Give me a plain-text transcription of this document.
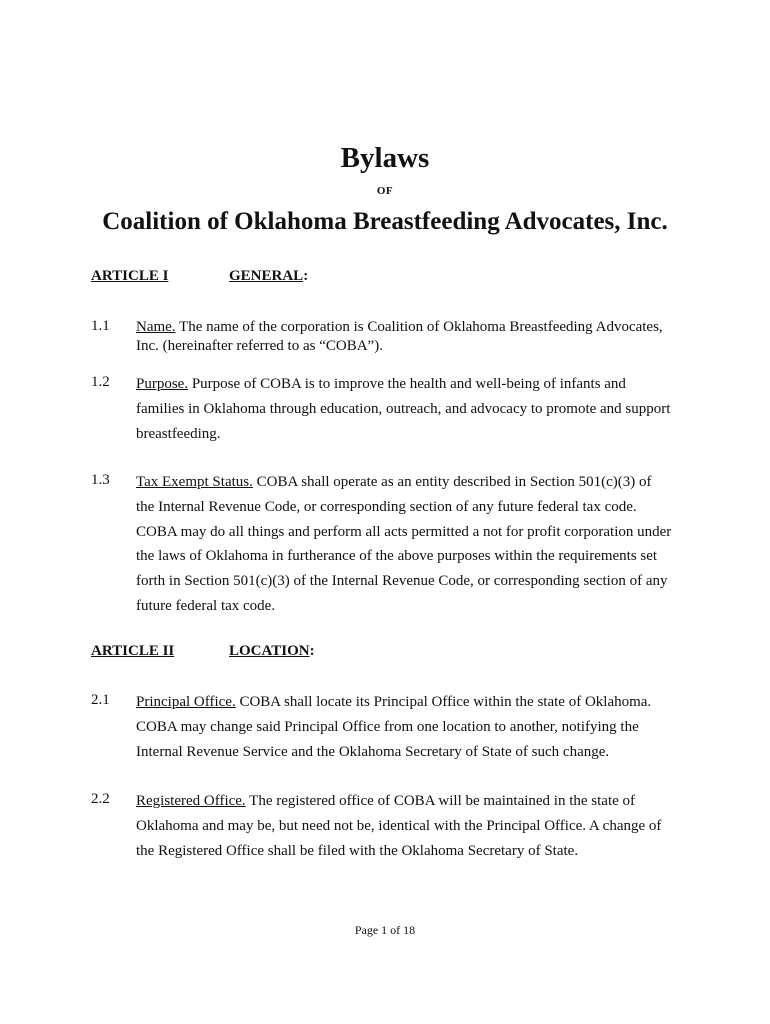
Bylaws
OF
Coalition of Oklahoma Breastfeeding Advocates, Inc.
ARTICLE I	GENERAL:
1.1 Name. The name of the corporation is Coalition of Oklahoma Breastfeeding Advocates,
Inc. (hereinafter referred to as “COBA”).
1.2 Purpose. Purpose of COBA is to improve the health and well-being of infants and
families in Oklahoma through education, outreach, and advocacy to promote and support
breastfeeding.
1.3 Tax Exempt Status. COBA shall operate as an entity described in Section 501(c)(3) of
the Internal Revenue Code, or corresponding section of any future federal tax code.
COBA may do all things and perform all acts permitted a not for profit corporation under
the laws of Oklahoma in furtherance of the above purposes within the requirements set
forth in Section 501(c)(3) of the Internal Revenue Code, or corresponding section of any
future federal tax code.
ARTICLE II	LOCATION:
2.1 Principal Office. COBA shall locate its Principal Office within the state of Oklahoma.
COBA may change said Principal Office from one location to another, notifying the
Internal Revenue Service and the Oklahoma Secretary of State of such change.
2.2 Registered Office. The registered office of COBA will be maintained in the state of
Oklahoma and may be, but need not be, identical with the Principal Office. A change of
the Registered Office shall be filed with the Oklahoma Secretary of State.
Page 1 of 18
